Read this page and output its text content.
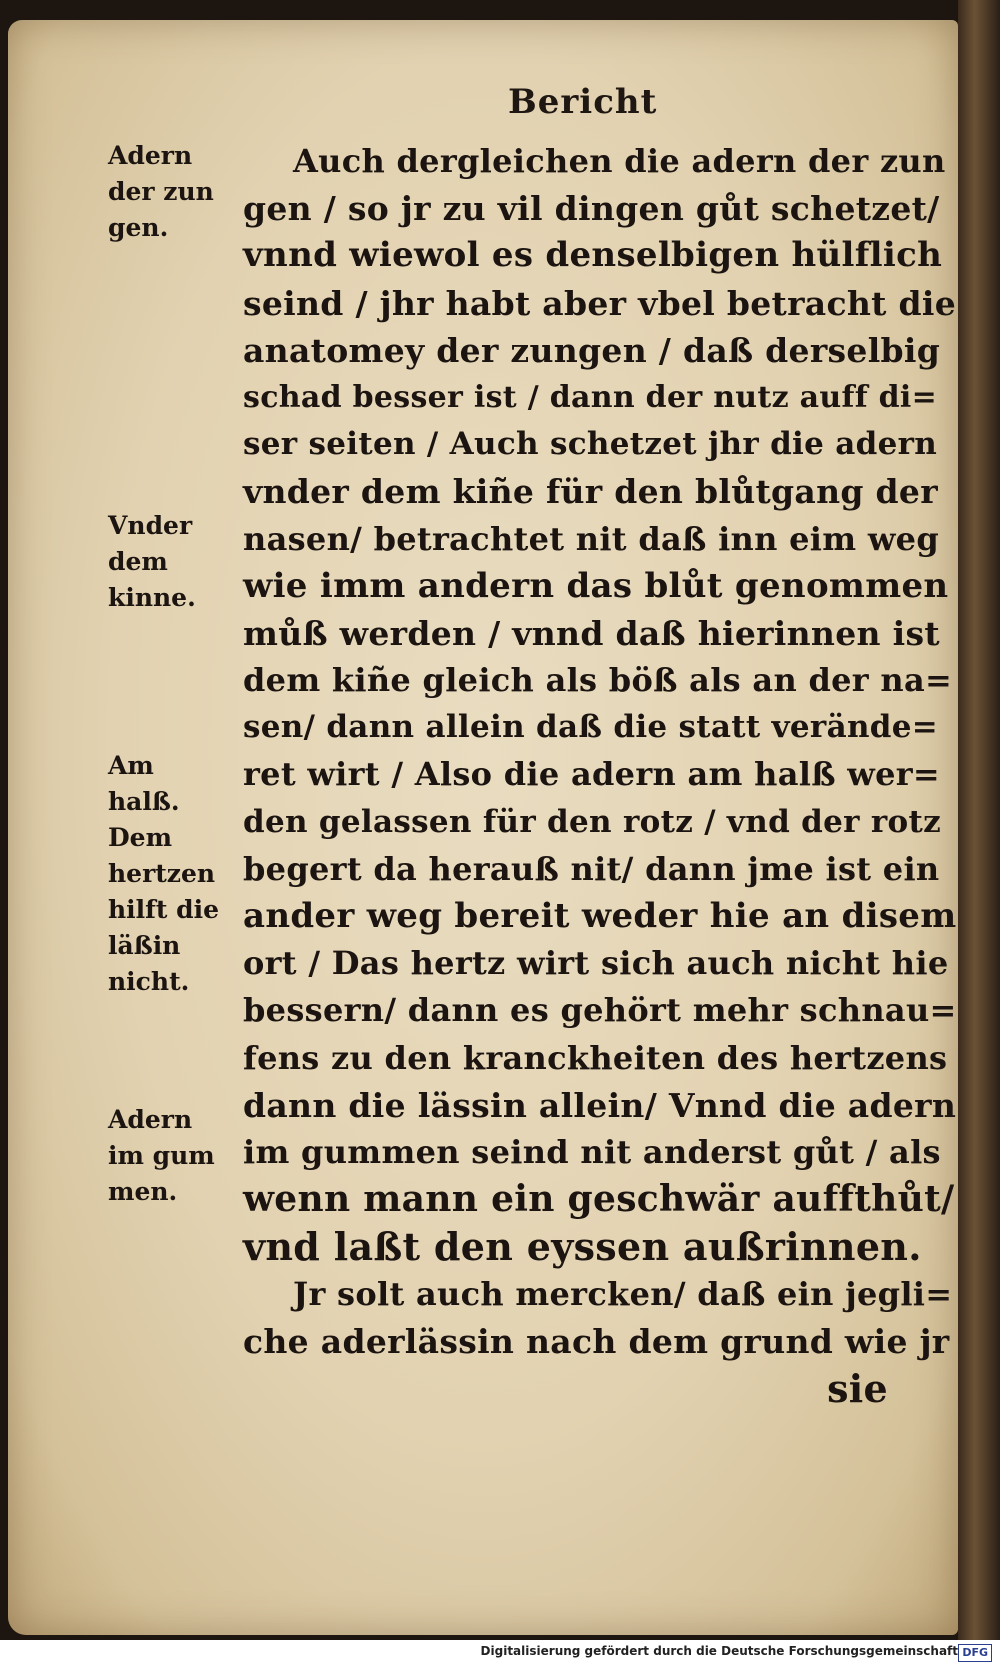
Bericht
Adern
der zun
gen.
Vnder
dem
kinne.
Am
halß.
Dem
hertzen
hilft die
läßin
nicht.
Adern
im gum
men.
Auch dergleichen die adern der zun
gen / so jr zu vil dingen gůt schetzet/
vnnd wiewol es denselbigen hülflich
seind / jhr habt aber vbel betracht die
anatomey der zungen / daß derselbig
schad besser ist / dann der nutz auff di=
ser seiten / Auch schetzet jhr die adern
vnder dem kiñe für den blůtgang der
nasen/ betrachtet nit daß inn eim weg
wie imm andern das blůt genommen
můß werden / vnnd daß hierinnen ist
dem kiñe gleich als böß als an der na=
sen/ dann allein daß die statt verände=
ret wirt / Also die adern am halß wer=
den gelassen für den rotz / vnd der rotz
begert da herauß nit/ dann jme ist ein
ander weg bereit weder hie an disem
ort / Das hertz wirt sich auch nicht hie
bessern/ dann es gehört mehr schnau=
fens zu den kranckheiten des hertzens
dann die lässin allein/ Vnnd die adern
im gummen seind nit anderst gůt / als
wenn mann ein geschwär auffthůt/
vnd laßt den eyssen außrinnen.
Jr solt auch mercken/ daß ein jegli=
che aderlässin nach dem grund wie jr
sie
Digitalisierung gefördert durch die Deutsche Forschungsgemeinschaft DFG
